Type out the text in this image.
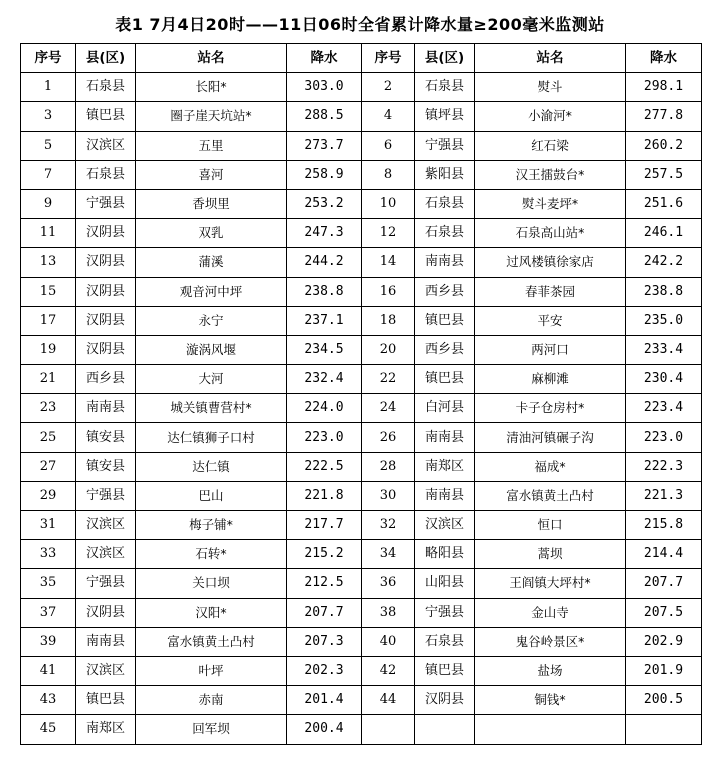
表1 7月4日20时——11日06时全省累计降水量≥200毫米监测站
序号	县(区)	站名	降水	序号	县(区)	站名	降水
1	石泉县	长阳*	303.0	2	石泉县	熨斗	298.1
3	镇巴县	圈子崖天坑站*	288.5	4	镇坪县	小渝河*	277.8
5	汉滨区	五里	273.7	6	宁强县	红石梁	260.2
7	石泉县	喜河	258.9	8	紫阳县	汉王擂鼓台*	257.5
9	宁强县	香坝里	253.2	10	石泉县	熨斗麦坪*	251.6
11	汉阴县	双乳	247.3	12	石泉县	石泉高山站*	246.1
13	汉阴县	蒲溪	244.2	14	南南县	过风楼镇徐家店	242.2
15	汉阴县	观音河中坪	238.8	16	西乡县	春菲茶园	238.8
17	汉阴县	永宁	237.1	18	镇巴县	平安	235.0
19	汉阴县	漩涡风堰	234.5	20	西乡县	两河口	233.4
21	西乡县	大河	232.4	22	镇巴县	麻柳滩	230.4
23	南南县	城关镇曹营村*	224.0	24	白河县	卡子仓房村*	223.4
25	镇安县	达仁镇狮子口村	223.0	26	南南县	清油河镇碾子沟	223.0
27	镇安县	达仁镇	222.5	28	南郑区	福成*	222.3
29	宁强县	巴山	221.8	30	南南县	富水镇黄土凸村	221.3
31	汉滨区	梅子铺*	217.7	32	汉滨区	恒口	215.8
33	汉滨区	石转*	215.2	34	略阳县	蒿坝	214.4
35	宁强县	关口坝	212.5	36	山阳县	王阎镇大坪村*	207.7
37	汉阴县	汉阳*	207.7	38	宁强县	金山寺	207.5
39	南南县	富水镇黄土凸村	207.3	40	石泉县	鬼谷岭景区*	202.9
41	汉滨区	叶坪	202.3	42	镇巴县	盐场	201.9
43	镇巴县	赤南	201.4	44	汉阴县	铜钱*	200.5
45	南郑区	回军坝	200.4				
